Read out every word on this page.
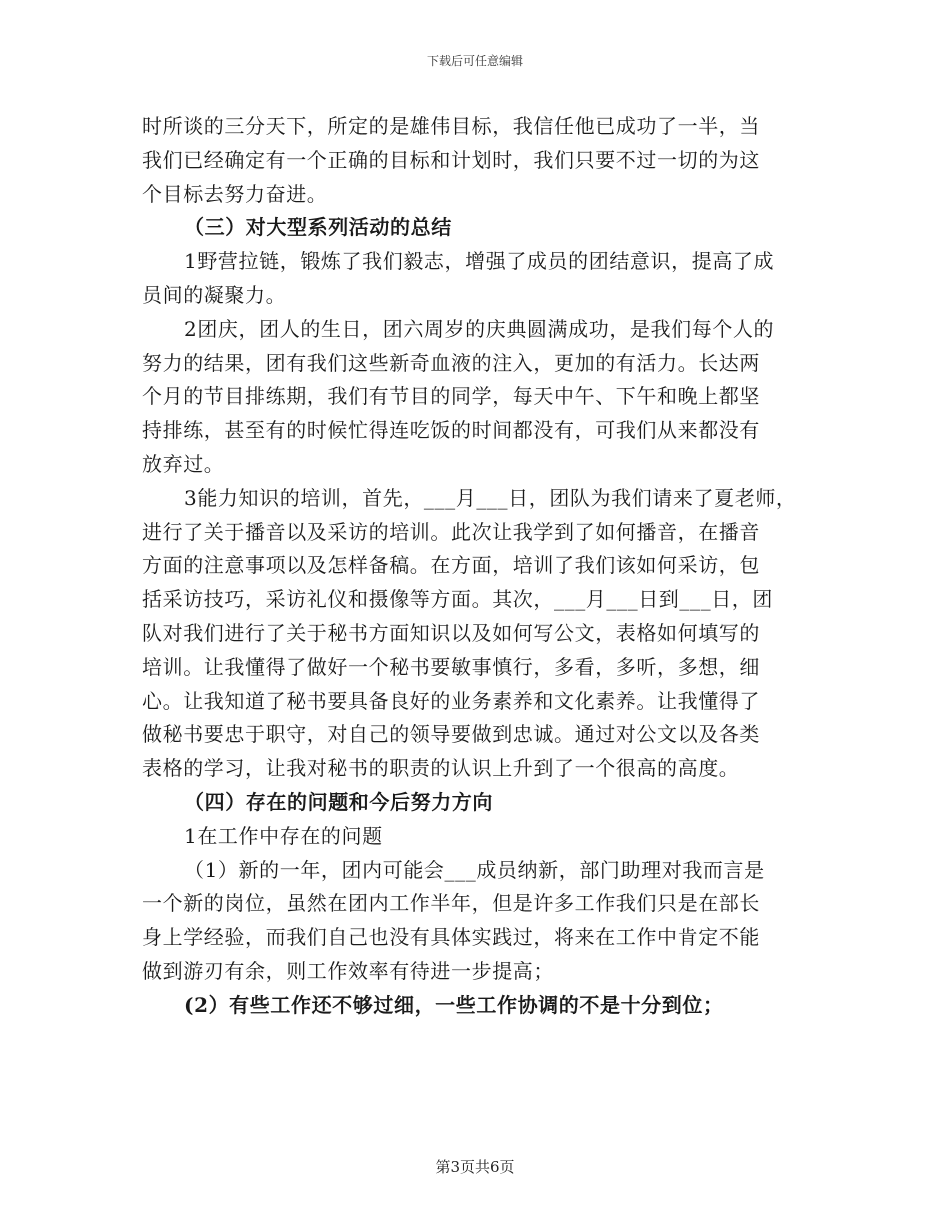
下载后可任意编辑
时所谈的三分天下，所定的是雄伟目标，我信任他已成功了一半，当
我们已经确定有一个正确的目标和计划时，我们只要不过一切的为这
个目标去努力奋进。
（三）对大型系列活动的总结
1野营拉链，锻炼了我们毅志，增强了成员的团结意识，提高了成
员间的凝聚力。
2团庆，团人的生日，团六周岁的庆典圆满成功，是我们每个人的
努力的结果，团有我们这些新奇血液的注入，更加的有活力。长达两
个月的节目排练期，我们有节目的同学，每天中午、下午和晚上都坚
持排练，甚至有的时候忙得连吃饭的时间都没有，可我们从来都没有
放弃过。
3能力知识的培训，首先，___月___日，团队为我们请来了夏老师，
进行了关于播音以及采访的培训。此次让我学到了如何播音，在播音
方面的注意事项以及怎样备稿。在方面，培训了我们该如何采访，包
括采访技巧，采访礼仪和摄像等方面。其次，___月___日到___日，团
队对我们进行了关于秘书方面知识以及如何写公文，表格如何填写的
培训。让我懂得了做好一个秘书要敏事慎行，多看，多听，多想，细
心。让我知道了秘书要具备良好的业务素养和文化素养。让我懂得了
做秘书要忠于职守，对自己的领导要做到忠诚。通过对公文以及各类
表格的学习，让我对秘书的职责的认识上升到了一个很高的高度。
（四）存在的问题和今后努力方向
1在工作中存在的问题
（1）新的一年，团内可能会___成员纳新，部门助理对我而言是
一个新的岗位，虽然在团内工作半年，但是许多工作我们只是在部长
身上学经验，而我们自己也没有具体实践过，将来在工作中肯定不能
做到游刃有余，则工作效率有待进一步提高；
(2）有些工作还不够过细，一些工作协调的不是十分到位；
第3页共6页
